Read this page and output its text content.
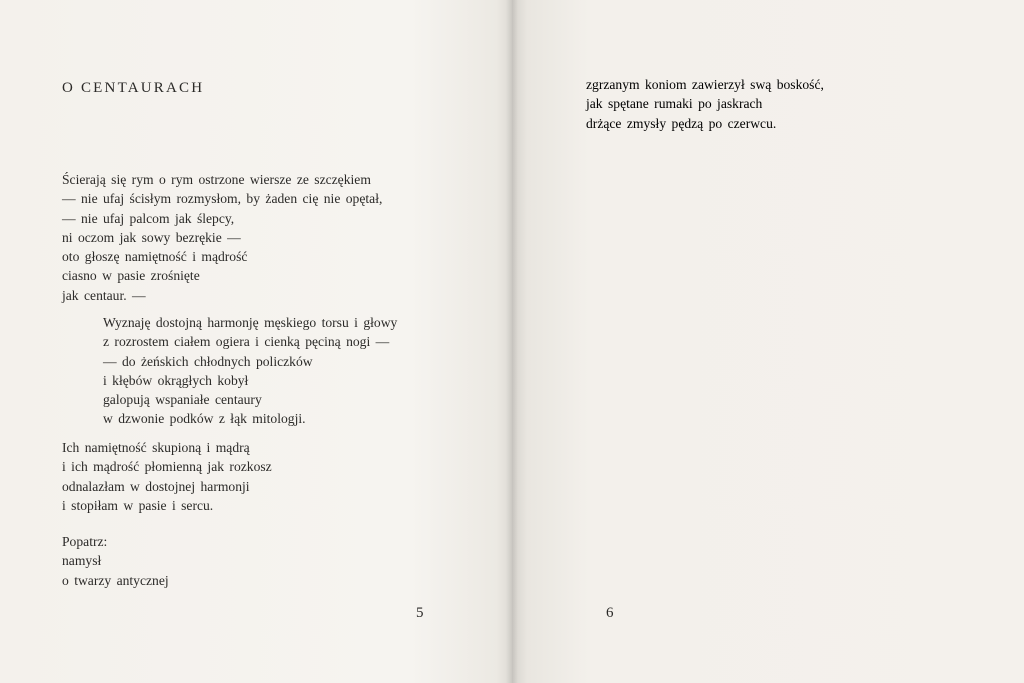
O CENTAURACH
Ścierają się rym o rym ostrzone wiersze ze szczękiem
— nie ufaj ścisłym rozmysłom, by żaden cię nie opętał,
— nie ufaj palcom jak ślepcy,
ni oczom jak sowy bezrękie —
oto głoszę namiętność i mądrość
ciasno w pasie zrośnięte
jak centaur. —
Wyznaję dostojną harmonję męskiego torsu i głowy
z rozrostem ciałem ogiera i cienką pęciną nogi —
— do żeńskich chłodnych policzków
i kłębów okrągłych kobył
galopują wspaniałe centaury
w dzwonie podków z łąk mitologji.
Ich namiętność skupioną i mądrą
i ich mądrość płomienną jak rozkosz
odnalazłam w dostojnej harmonji
i stopiłam w pasie i sercu.
Popatrz:
namysł
o twarzy antycznej
5	6
zgrzanym koniom zawierzył swą boskość,
jak spętane rumaki po jaskrach
drżące zmysły pędzą po czerwcu.
